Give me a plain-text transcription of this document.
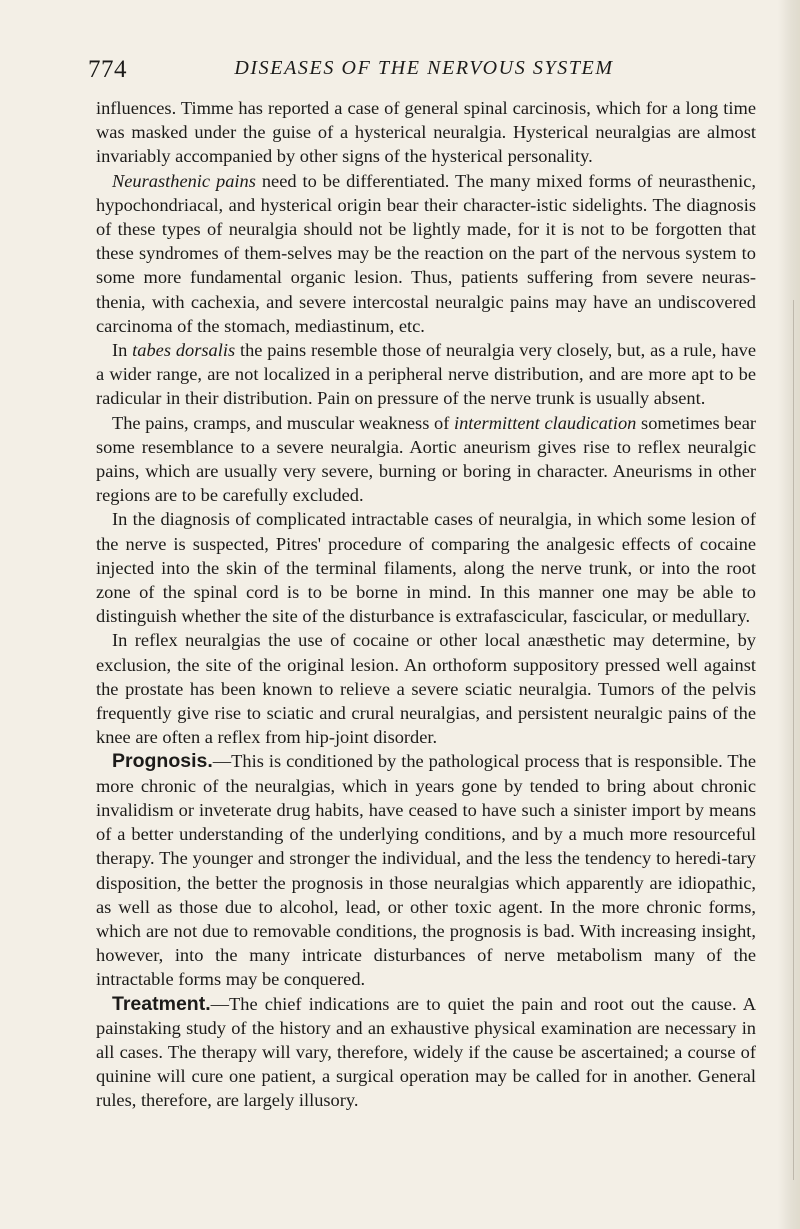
774	DISEASES OF THE NERVOUS SYSTEM

influences. Timme has reported a case of general spinal carcinosis, which for a long time was masked under the guise of a hysterical neuralgia. Hysterical neuralgias are almost invariably accompanied by other signs of the hysterical personality.

Neurasthenic pains need to be differentiated. The many mixed forms of neurasthenic, hypochondriacal, and hysterical origin bear their character-istic sidelights. The diagnosis of these types of neuralgia should not be lightly made, for it is not to be forgotten that these syndromes of them-selves may be the reaction on the part of the nervous system to some more fundamental organic lesion. Thus, patients suffering from severe neuras-thenia, with cachexia, and severe intercostal neuralgic pains may have an undiscovered carcinoma of the stomach, mediastinum, etc.

In tabes dorsalis the pains resemble those of neuralgia very closely, but, as a rule, have a wider range, are not localized in a peripheral nerve distribution, and are more apt to be radicular in their distribution. Pain on pressure of the nerve trunk is usually absent.

The pains, cramps, and muscular weakness of intermittent claudication sometimes bear some resemblance to a severe neuralgia. Aortic aneurism gives rise to reflex neuralgic pains, which are usually very severe, burning or boring in character. Aneurisms in other regions are to be carefully excluded.

In the diagnosis of complicated intractable cases of neuralgia, in which some lesion of the nerve is suspected, Pitres' procedure of comparing the analgesic effects of cocaine injected into the skin of the terminal filaments, along the nerve trunk, or into the root zone of the spinal cord is to be borne in mind. In this manner one may be able to distinguish whether the site of the disturbance is extrafascicular, fascicular, or medullary.

In reflex neuralgias the use of cocaine or other local anæsthetic may determine, by exclusion, the site of the original lesion. An orthoform suppository pressed well against the prostate has been known to relieve a severe sciatic neuralgia. Tumors of the pelvis frequently give rise to sciatic and crural neuralgias, and persistent neuralgic pains of the knee are often a reflex from hip-joint disorder.

Prognosis.—This is conditioned by the pathological process that is responsible. The more chronic of the neuralgias, which in years gone by tended to bring about chronic invalidism or inveterate drug habits, have ceased to have such a sinister import by means of a better understanding of the underlying conditions, and by a much more resourceful therapy. The younger and stronger the individual, and the less the tendency to heredi-tary disposition, the better the prognosis in those neuralgias which apparently are idiopathic, as well as those due to alcohol, lead, or other toxic agent. In the more chronic forms, which are not due to removable conditions, the prognosis is bad. With increasing insight, however, into the many intricate disturbances of nerve metabolism many of the intractable forms may be conquered.

Treatment.—The chief indications are to quiet the pain and root out the cause. A painstaking study of the history and an exhaustive physical examination are necessary in all cases. The therapy will vary, therefore, widely if the cause be ascertained; a course of quinine will cure one patient, a surgical operation may be called for in another. General rules, therefore, are largely illusory.
